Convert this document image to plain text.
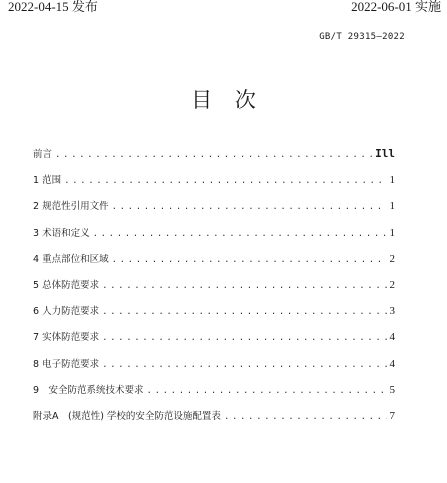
2022-04-15 发布	2022-06-01 实施
GB/T 29315—2022
目 次
前言 . . .	Ill
1 范围 . . .	1
2 规范性引用文件 . . .	1
3 术语和定义 . . .	1
4 重点部位和区域 . . .	2
5 总体防范要求 . . .	2
6 人力防范要求 . . .	3
7 实体防范要求 . . .	4
8 电子防范要求 . . .	4
9　安全防范系统技术要求 . . .	5
附录A　(规范性) 学校的安全防范设施配置表 . . .	7
